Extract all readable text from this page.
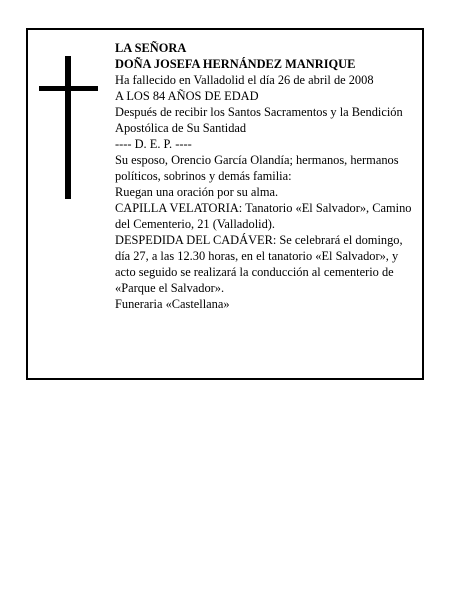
LA SEÑORA
DOÑA JOSEFA HERNÁNDEZ MANRIQUE
Ha fallecido en Valladolid el día 26 de abril de 2008
A LOS 84 AÑOS DE EDAD
Después de recibir los Santos Sacramentos y la Bendición Apostólica de Su Santidad
---- D. E. P. ----
Su esposo, Orencio García Olandía; hermanos, hermanos políticos, sobrinos y demás familia:
Ruegan una oración por su alma.
CAPILLA VELATORIA: Tanatorio «El Salvador», Camino del Cementerio, 21 (Valladolid).
DESPEDIDA DEL CADÁVER: Se celebrará el domingo, día 27, a las 12.30 horas, en el tanatorio «El Salvador», y acto seguido se realizará la conducción al cementerio de «Parque el Salvador».
Funeraria «Castellana»
